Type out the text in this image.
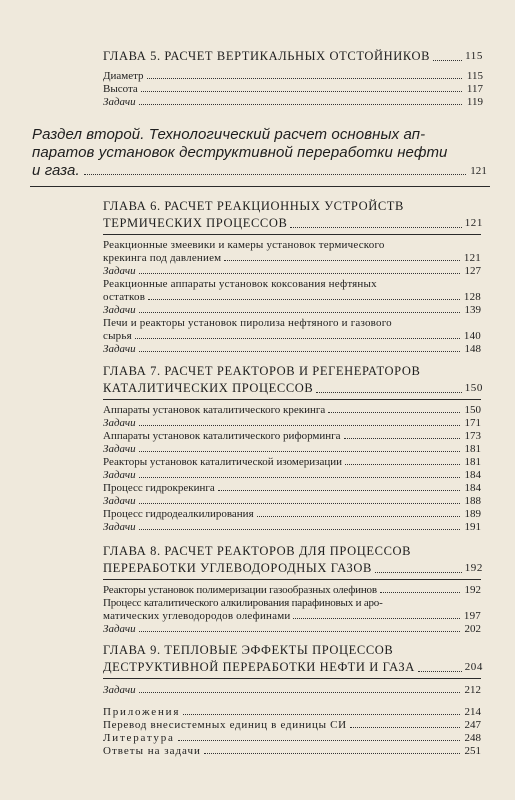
ГЛАВА 5. РАСЧЕТ ВЕРТИКАЛЬНЫХ ОТСТОЙНИКОВ	115
Диаметр	115
Высота	117
Задачи	119
Раздел второй. Технологический расчет основных ап-
паратов установок деструктивной переработки нефти
и газа.	121
ГЛАВА 6. РАСЧЕТ РЕАКЦИОННЫХ УСТРОЙСТВ
ТЕРМИЧЕСКИХ ПРОЦЕССОВ	121
Реакционные змеевики и камеры установок термического
крекинга под давлением	121
Задачи	127
Реакционные аппараты установок коксования нефтяных
остатков	128
Задачи	139
Печи и реакторы установок пиролиза нефтяного и газового
сырья	140
Задачи	148
ГЛАВА 7. РАСЧЕТ РЕАКТОРОВ И РЕГЕНЕРАТОРОВ
КАТАЛИТИЧЕСКИХ ПРОЦЕССОВ	150
Аппараты установок каталитического крекинга	150
Задачи	171
Аппараты установок каталитического риформинга	173
Задачи	181
Реакторы установок каталитической изомеризации	181
Задачи	184
Процесс гидрокрекинга	184
Задачи	188
Процесс гидродеалкилирования	189
Задачи	191
ГЛАВА 8. РАСЧЕТ РЕАКТОРОВ ДЛЯ ПРОЦЕССОВ
ПЕРЕРАБОТКИ УГЛЕВОДОРОДНЫХ ГАЗОВ	192
Реакторы установок полимеризации газообразных олефинов	192
Процесс каталитического алкилирования парафиновых и аро-
матических углеводородов олефинами	197
Задачи	202
ГЛАВА 9. ТЕПЛОВЫЕ ЭФФЕКТЫ ПРОЦЕССОВ
ДЕСТРУКТИВНОЙ ПЕРЕРАБОТКИ НЕФТИ И ГАЗА	204
Задачи	212
Приложения	214
Перевод внесистемных единиц в единицы СИ	247
Литература	248
Ответы на задачи	251
